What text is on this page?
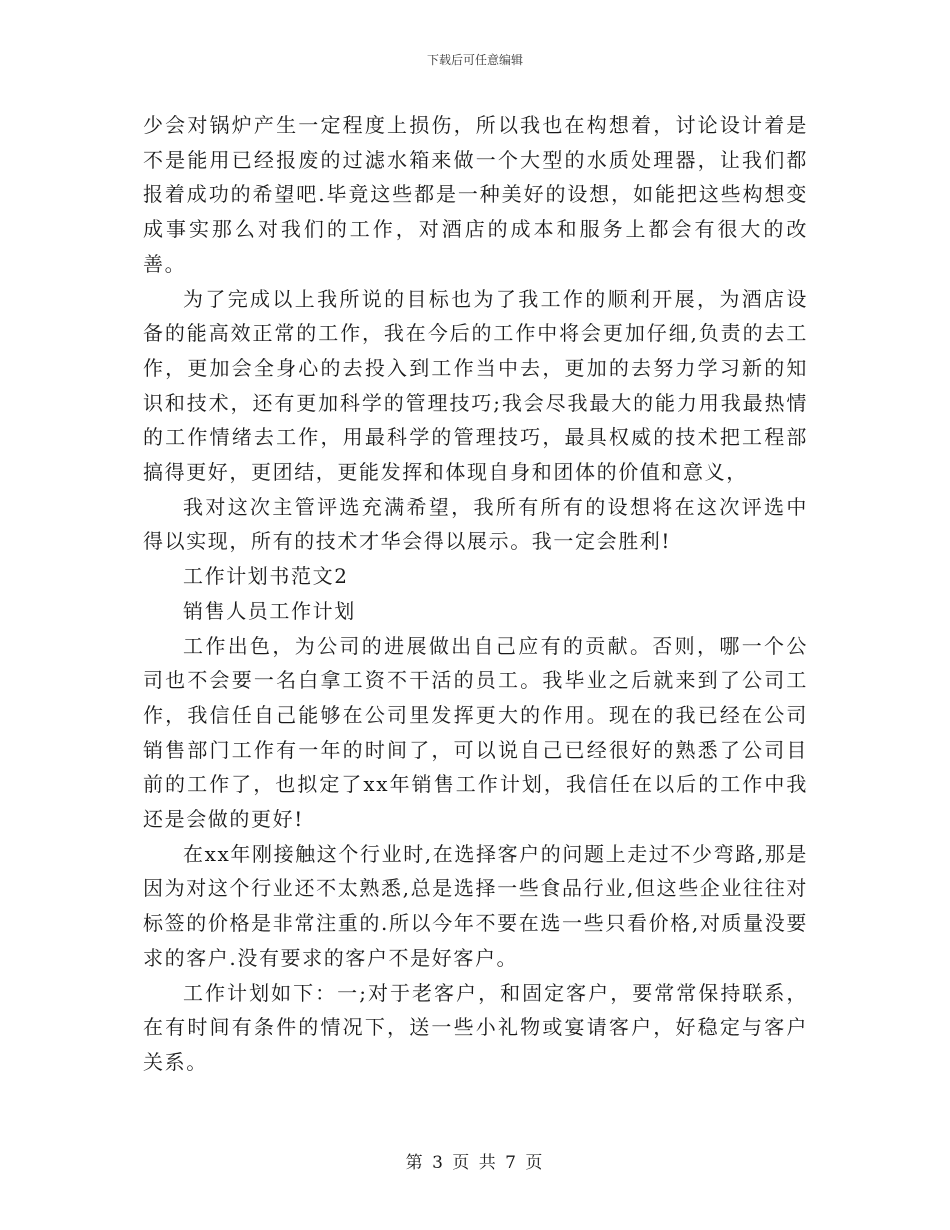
下载后可任意编辑

少会对锅炉产生一定程度上损伤，所以我也在构想着，讨论设计着是不是能用已经报废的过滤水箱来做一个大型的水质处理器，让我们都报着成功的希望吧.毕竟这些都是一种美好的设想，如能把这些构想变成事实那么对我们的工作，对酒店的成本和服务上都会有很大的改善。

为了完成以上我所说的目标也为了我工作的顺利开展，为酒店设备的能高效正常的工作，我在今后的工作中将会更加仔细,负责的去工作，更加会全身心的去投入到工作当中去，更加的去努力学习新的知识和技术，还有更加科学的管理技巧;我会尽我最大的能力用我最热情的工作情绪去工作，用最科学的管理技巧，最具权威的技术把工程部搞得更好，更团结，更能发挥和体现自身和团体的价值和意义，

我对这次主管评选充满希望，我所有所有的设想将在这次评选中得以实现，所有的技术才华会得以展示。我一定会胜利!

工作计划书范文2

销售人员工作计划

工作出色，为公司的进展做出自己应有的贡献。否则，哪一个公司也不会要一名白拿工资不干活的员工。我毕业之后就来到了公司工作，我信任自己能够在公司里发挥更大的作用。现在的我已经在公司销售部门工作有一年的时间了，可以说自己已经很好的熟悉了公司目前的工作了，也拟定了xx年销售工作计划，我信任在以后的工作中我还是会做的更好!

在xx年刚接触这个行业时,在选择客户的问题上走过不少弯路,那是因为对这个行业还不太熟悉,总是选择一些食品行业,但这些企业往往对标签的价格是非常注重的.所以今年不要在选一些只看价格,对质量没要求的客户.没有要求的客户不是好客户。

工作计划如下：一;对于老客户，和固定客户，要常常保持联系，在有时间有条件的情况下，送一些小礼物或宴请客户，好稳定与客户关系。

第 3 页 共 7 页
